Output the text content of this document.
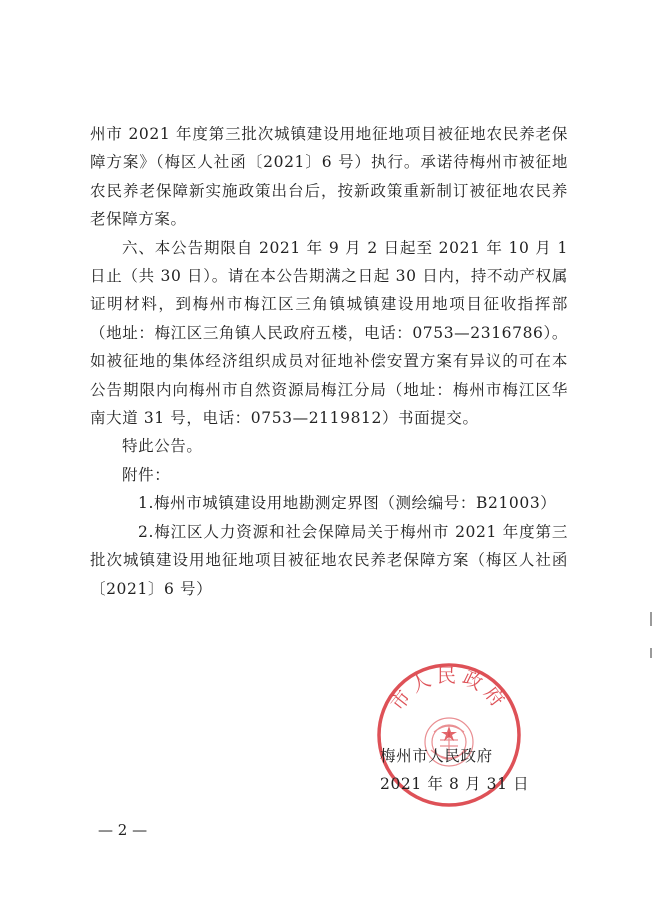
州市 2021 年度第三批次城镇建设用地征地项目被征地农民养老保障方案》（梅区人社函〔2021〕6 号）执行。承诺待梅州市被征地农民养老保障新实施政策出台后，按新政策重新制订被征地农民养老保障方案。

六、本公告期限自 2021 年 9 月 2 日起至 2021 年 10 月 1 日止（共 30 日）。请在本公告期满之日起 30 日内，持不动产权属证明材料，到梅州市梅江区三角镇城镇建设用地项目征收指挥部（地址：梅江区三角镇人民政府五楼，电话：0753—2316786）。如被征地的集体经济组织成员对征地补偿安置方案有异议的可在本公告期限内向梅州市自然资源局梅江分局（地址：梅州市梅江区华南大道 31 号，电话：0753—2119812）书面提交。

特此公告。

附件：

1.梅州市城镇建设用地勘测定界图（测绘编号：B21003）

2.梅江区人力资源和社会保障局关于梅州市 2021 年度第三批次城镇建设用地征地项目被征地农民养老保障方案（梅区人社函〔2021〕6 号）

市人民政府
梅州市人民政府
2021 年 8 月 31 日
— 2 —
